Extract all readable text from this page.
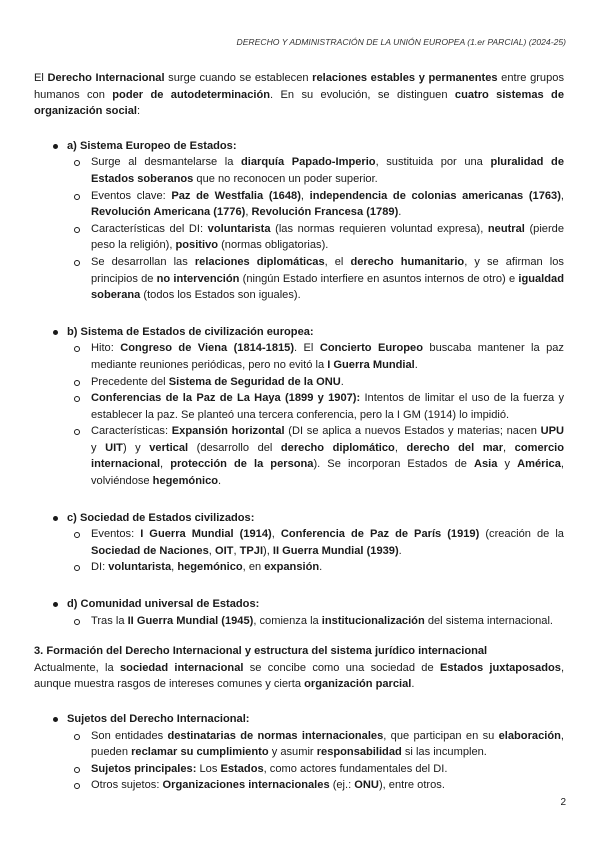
DERECHO Y ADMINISTRACIÓN DE LA UNIÓN EUROPEA (1.er PARCIAL) (2024-25)

El Derecho Internacional surge cuando se establecen relaciones estables y permanentes entre grupos humanos con poder de autodeterminación. En su evolución, se distinguen cuatro sistemas de organización social:

a) Sistema Europeo de Estados:
Surge al desmantelarse la diarquía Papado-Imperio, sustituida por una pluralidad de Estados soberanos que no reconocen un poder superior.
Eventos clave: Paz de Westfalia (1648), independencia de colonias americanas (1763), Revolución Americana (1776), Revolución Francesa (1789).
Características del DI: voluntarista (las normas requieren voluntad expresa), neutral (pierde peso la religión), positivo (normas obligatorias).
Se desarrollan las relaciones diplomáticas, el derecho humanitario, y se afirman los principios de no intervención (ningún Estado interfiere en asuntos internos de otro) e igualdad soberana (todos los Estados son iguales).
b) Sistema de Estados de civilización europea:
Hito: Congreso de Viena (1814-1815). El Concierto Europeo buscaba mantener la paz mediante reuniones periódicas, pero no evitó la I Guerra Mundial.
Precedente del Sistema de Seguridad de la ONU.
Conferencias de la Paz de La Haya (1899 y 1907): Intentos de limitar el uso de la fuerza y establecer la paz. Se planteó una tercera conferencia, pero la I GM (1914) lo impidió.
Características: Expansión horizontal (DI se aplica a nuevos Estados y materias; nacen UPU y UIT) y vertical (desarrollo del derecho diplomático, derecho del mar, comercio internacional, protección de la persona). Se incorporan Estados de Asia y América, volviéndose hegemónico.
c) Sociedad de Estados civilizados:
Eventos: I Guerra Mundial (1914), Conferencia de Paz de París (1919) (creación de la Sociedad de Naciones, OIT, TPJI), II Guerra Mundial (1939).
DI: voluntarista, hegemónico, en expansión.
d) Comunidad universal de Estados:
Tras la II Guerra Mundial (1945), comienza la institucionalización del sistema internacional.

3. Formación del Derecho Internacional y estructura del sistema jurídico internacional

Actualmente, la sociedad internacional se concibe como una sociedad de Estados juxtaposados, aunque muestra rasgos de intereses comunes y cierta organización parcial.

Sujetos del Derecho Internacional:
Son entidades destinatarias de normas internacionales, que participan en su elaboración, pueden reclamar su cumplimiento y asumir responsabilidad si las incumplen.
Sujetos principales: Los Estados, como actores fundamentales del DI.
Otros sujetos: Organizaciones internacionales (ej.: ONU), entre otros.
2
